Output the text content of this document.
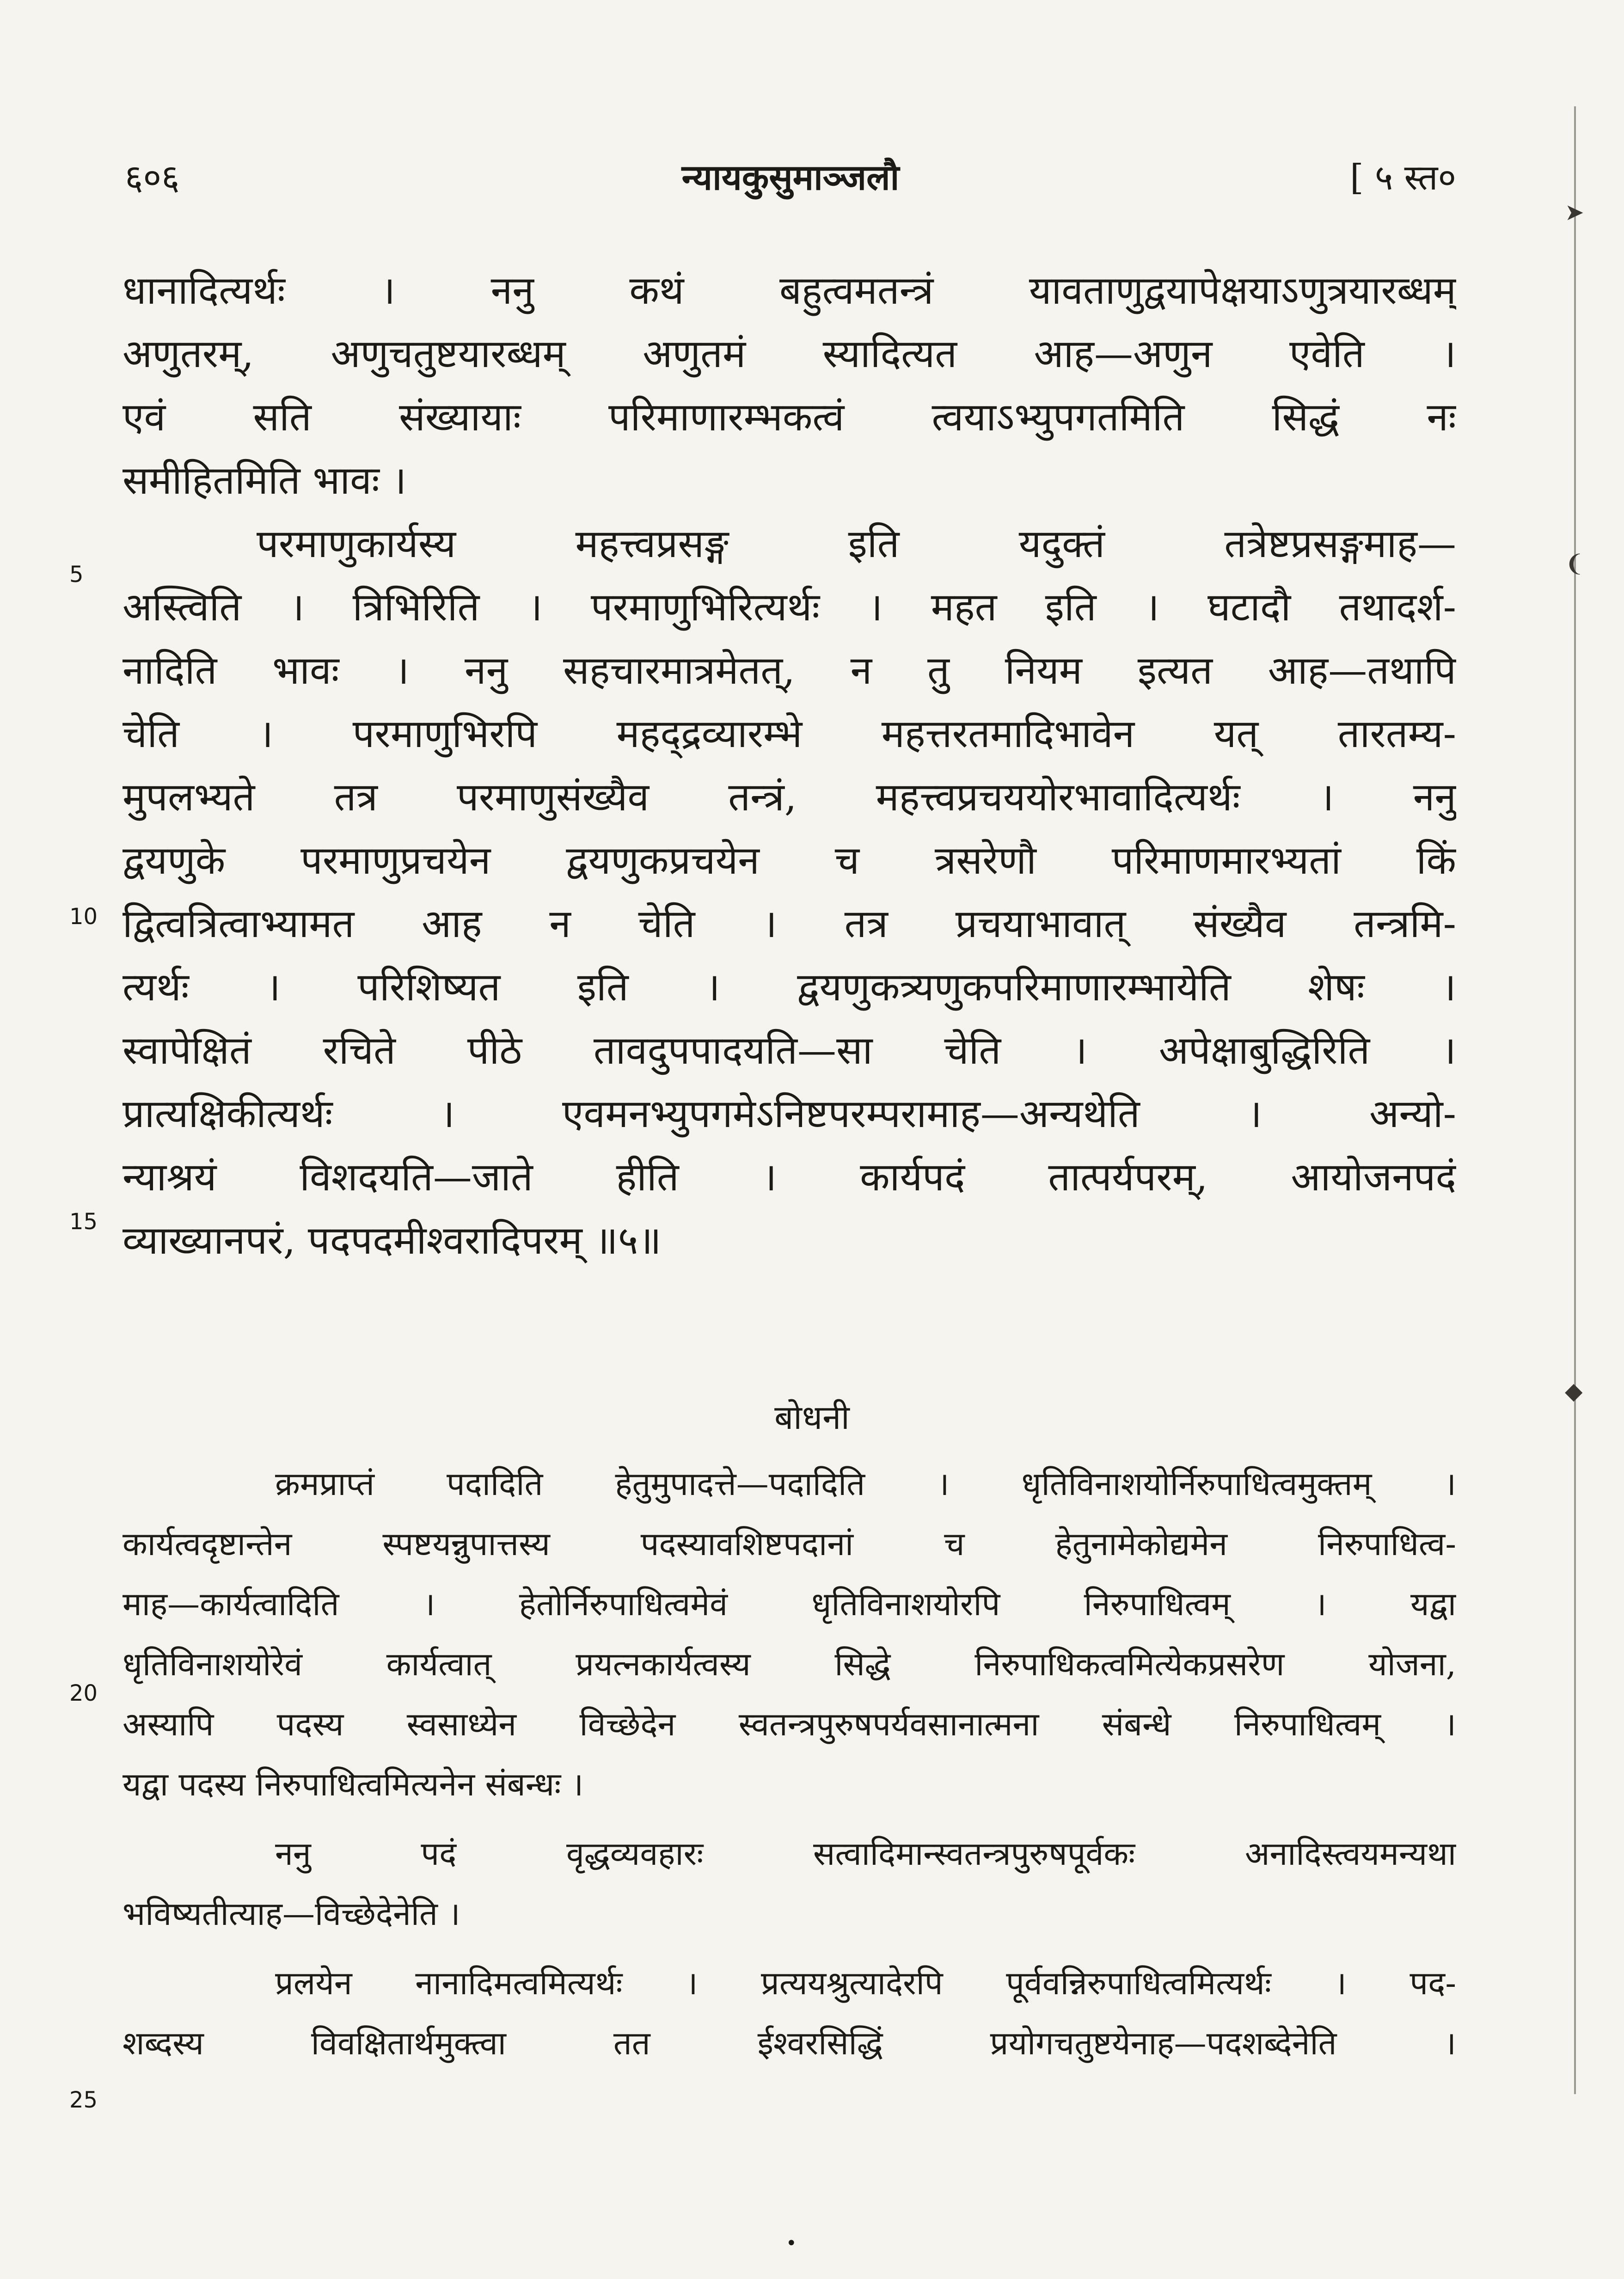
६०६	न्यायकुसुमाञ्जलौ	[ ५ स्त०
धानादित्यर्थः । ननु कथं बहुत्वमतन्त्रं यावताणुद्वयापेक्षयाऽणुत्रयारब्धम्
अणुतरम्, अणुचतुष्टयारब्धम् अणुतमं स्यादित्यत आह—अणुन एवेति ।
एवं सति संख्यायाः परिमाणारम्भकत्वं त्वयाऽभ्युपगतमिति सिद्धं नः
समीहितमिति भावः ।
परमाणुकार्यस्य महत्त्वप्रसङ्ग इति यदुक्तं तत्रेष्टप्रसङ्गमाह—
अस्त्विति । त्रिभिरिति । परमाणुभिरित्यर्थः । महत इति । घटादौ तथादर्श-
नादिति भावः । ननु सहचारमात्रमेतत्, न तु नियम इत्यत आह—तथापि
चेति । परमाणुभिरपि महद्द्रव्यारम्भे महत्तरतमादिभावेन यत् तारतम्य-
मुपलभ्यते तत्र परमाणुसंख्यैव तन्त्रं, महत्त्वप्रचययोरभावादित्यर्थः । ननु
द्वयणुके परमाणुप्रचयेन द्वयणुकप्रचयेन च त्रसरेणौ परिमाणमारभ्यतां किं
द्वित्वत्रित्वाभ्यामत आह न चेति । तत्र प्रचयाभावात् संख्यैव तन्त्रमि-
त्यर्थः । परिशिष्यत इति । द्वयणुकत्र्यणुकपरिमाणारम्भायेति शेषः ।
स्वापेक्षितं रचिते पीठे तावदुपपादयति—सा चेति । अपेक्षाबुद्धिरिति ।
प्रात्यक्षिकीत्यर्थः । एवमनभ्युपगमेऽनिष्टपरम्परामाह—अन्यथेति । अन्यो-
न्याश्रयं विशदयति—जाते हीति । कार्यपदं तात्पर्यपरम्, आयोजनपदं
व्याख्यानपरं, पदपदमीश्वरादिपरम् ॥५॥
बोधनी
क्रमप्राप्तं पदादिति हेतुमुपादत्ते—पदादिति । धृतिविनाशयोर्निरुपाधित्वमुक्तम् ।
कार्यत्वदृष्टान्तेन स्पष्टयन्नुपात्तस्य पदस्यावशिष्टपदानां च हेतुनामेकोद्यमेन निरुपाधित्व-
माह—कार्यत्वादिति । हेतोर्निरुपाधित्वमेवं धृतिविनाशयोरपि निरुपाधित्वम् । यद्वा
धृतिविनाशयोरेवं कार्यत्वात् प्रयत्नकार्यत्वस्य सिद्धे निरुपाधिकत्वमित्येकप्रसरेण योजना,
अस्यापि पदस्य स्वसाध्येन विच्छेदेन स्वतन्त्रपुरुषपर्यवसानात्मना संबन्धे निरुपाधित्वम् ।
यद्वा पदस्य निरुपाधित्वमित्यनेन संबन्धः ।
ननु पदं वृद्धव्यवहारः सत्वादिमान्स्वतन्त्रपुरुषपूर्वकः अनादिस्त्वयमन्यथा
भविष्यतीत्याह—विच्छेदेनेति ।
प्रलयेन नानादिमत्वमित्यर्थः । प्रत्ययश्रुत्यादेरपि पूर्ववन्निरुपाधित्वमित्यर्थः । पद-
शब्दस्य विवक्षितार्थमुक्त्वा तत ईश्वरसिद्धिं प्रयोगचतुष्टयेनाह—पदशब्देनेति ।
5
10
15
20
25
➤
❨
◆
•
